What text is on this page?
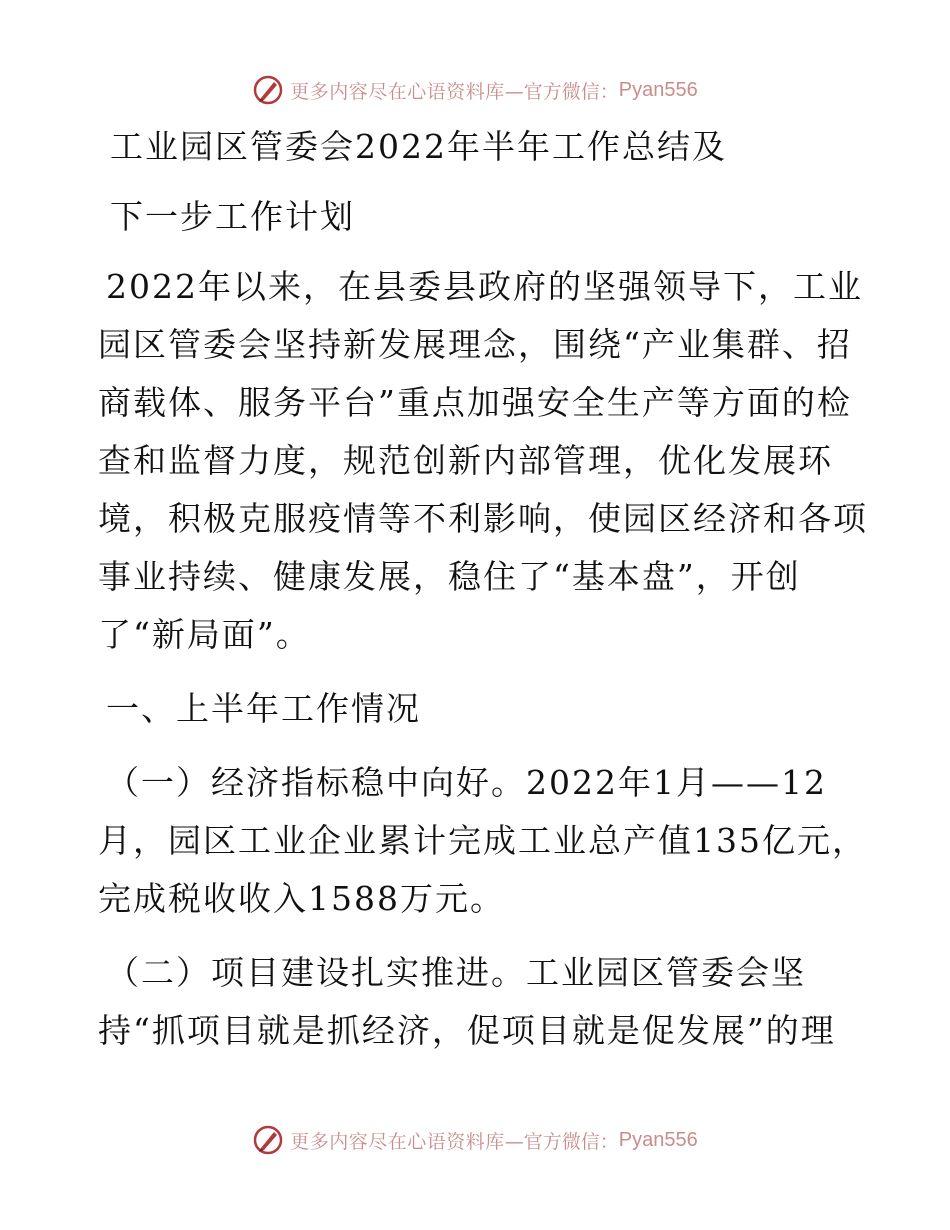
更多内容尽在心语资料库 —官方微信： Pyan556
工业园区管委会2022年半年工作总结及
下一步工作计划
2022年以来，在县委县政府的坚强领导下，工业
园区管委会坚持新发展理念，围绕“产业集群、招
商载体、服务平台”重点加强安全生产等方面的检
查和监督力度，规范创新内部管理，优化发展环
境，积极克服疫情等不利影响，使园区经济和各项
事业持续、健康发展，稳住了“基本盘”，开创
了“新局面”。
一、上半年工作情况
（一）经济指标稳中向好。2022年1月——12
月，园区工业企业累计完成工业总产值135亿元，
完成税收收入1588万元。
（二）项目建设扎实推进。工业园区管委会坚
持“抓项目就是抓经济，促项目就是促发展”的理
更多内容尽在心语资料库 —官方微信： Pyan556
